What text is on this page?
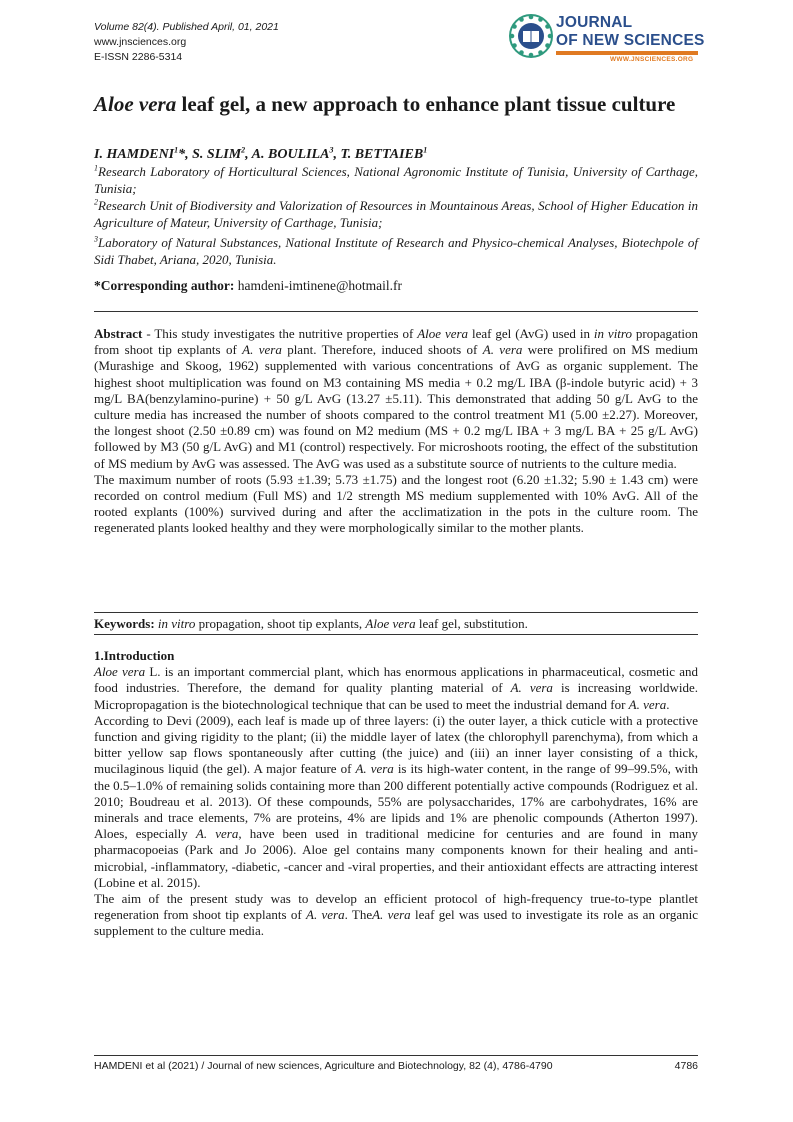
Volume 82(4). Published April, 01, 2021
www.jnsciences.org
E-ISSN 2286-5314
JOURNAL
OF NEW SCIENCES
WWW.JNSCIENCES.ORG
Aloe vera leaf gel, a new approach to enhance plant tissue culture
I. HAMDENI$^1$*, S. SLIM$^2$, A. BOULILA$^3$, T. BETTAIEB$^1$
$^1$Research Laboratory of Horticultural Sciences, National Agronomic Institute of Tunisia, University of Carthage, Tunisia;
$^2$Research Unit of Biodiversity and Valorization of Resources in Mountainous Areas, School of Higher Education in Agriculture of Mateur, University of Carthage, Tunisia;
$^3$Laboratory of Natural Substances, National Institute of Research and Physico-chemical Analyses, Biotechpole of Sidi Thabet, Ariana, 2020, Tunisia.
*Corresponding author: hamdeni-imtinene@hotmail.fr

Abstract - This study investigates the nutritive properties of Aloe vera leaf gel (AvG) used in in vitro propagation from shoot tip explants of A. vera plant. Therefore, induced shoots of A. vera were prolifired on MS medium (Murashige and Skoog, 1962) supplemented with various concentrations of AvG as organic supplement. The highest shoot multiplication was found on M3 containing MS media + 0.2 mg/L IBA (β-indole butyric acid) + 3 mg/L BA(benzylamino-purine) + 50 g/L AvG (13.27 ±5.11). This demonstrated that adding 50 g/L AvG to the culture media has increased the number of shoots compared to the control treatment M1 (5.00 ±2.27). Moreover, the longest shoot (2.50 ±0.89 cm) was found on M2 medium (MS + 0.2 mg/L IBA + 3 mg/L BA + 25 g/L AvG) followed by M3 (50 g/L AvG) and M1 (control) respectively. For microshoots rooting, the effect of the substitution of MS medium by AvG was assessed. The AvG was used as a substitute source of nutrients to the culture media.

The maximum number of roots (5.93 ±1.39; 5.73 ±1.75) and the longest root (6.20 ±1.32; 5.90 ± 1.43 cm) were recorded on control medium (Full MS) and 1/2 strength MS medium supplemented with 10% AvG. All of the rooted explants (100%) survived during and after the acclimatization in the pots in the culture room. The regenerated plants looked healthy and they were morphologically similar to the mother plants.

Keywords: in vitro propagation, shoot tip explants, Aloe vera leaf gel, substitution.

1.Introduction

Aloe vera L. is an important commercial plant, which has enormous applications in pharmaceutical, cosmetic and food industries. Therefore, the demand for quality planting material of A. vera is increasing worldwide. Micropropagation is the biotechnological technique that can be used to meet the industrial demand for A. vera.

According to Devi (2009), each leaf is made up of three layers: (i) the outer layer, a thick cuticle with a protective function and giving rigidity to the plant; (ii) the middle layer of latex (the chlorophyll parenchyma), from which a bitter yellow sap flows spontaneously after cutting (the juice) and (iii) an inner layer consisting of a thick, mucilaginous liquid (the gel). A major feature of A. vera is its high-water content, in the range of 99–99.5%, with the 0.5–1.0% of remaining solids containing more than 200 different potentially active compounds (Rodriguez et al. 2010; Boudreau et al. 2013). Of these compounds, 55% are polysaccharides, 17% are carbohydrates, 16% are minerals and trace elements, 7% are proteins, 4% are lipids and 1% are phenolic compounds (Atherton 1997). Aloes, especially A. vera, have been used in traditional medicine for centuries and are found in many pharmacopoeias (Park and Jo 2006). Aloe gel contains many components known for their healing and anti-microbial, -inflammatory, -diabetic, -cancer and -viral properties, and their antioxidant effects are attracting interest (Lobine et al. 2015).

The aim of the present study was to develop an efficient protocol of high-frequency true-to-type plantlet regeneration from shoot tip explants of A. vera. TheA. vera leaf gel was used to investigate its role as an organic supplement to the culture media.

HAMDENI et al (2021) / Journal of new sciences, Agriculture and Biotechnology, 82 (4), 4786-4790	4786
